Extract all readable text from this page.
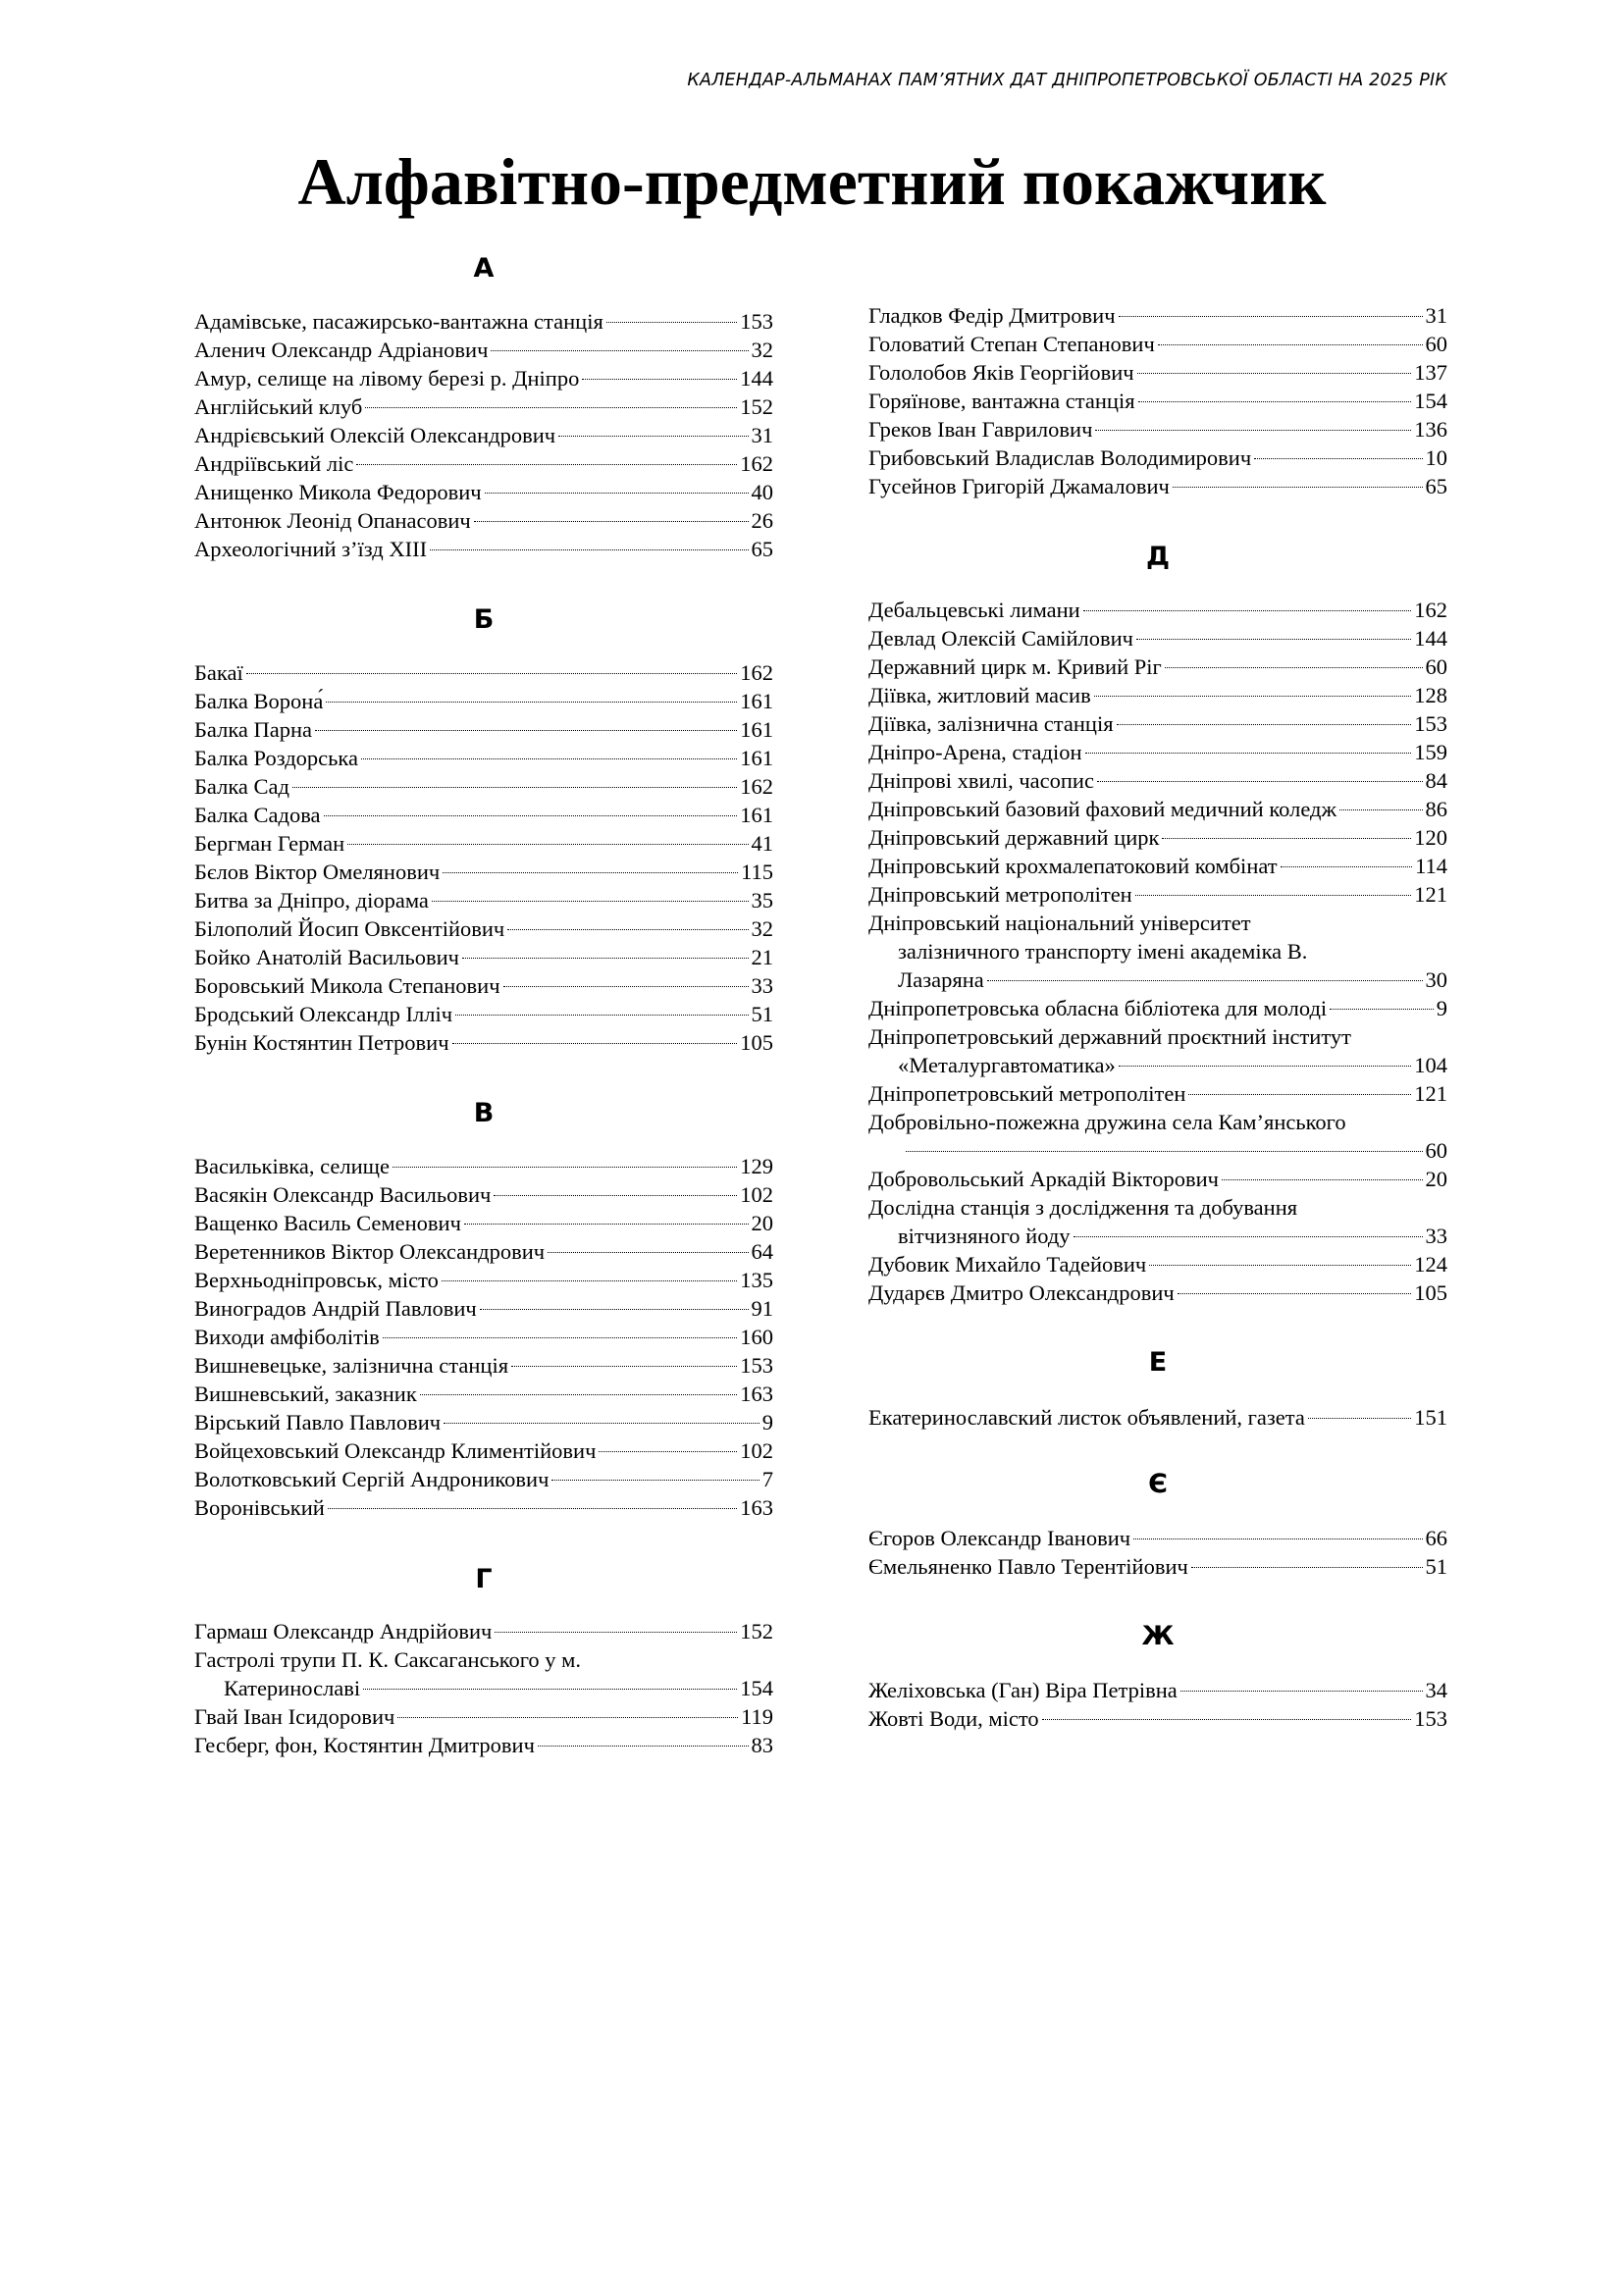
КАЛЕНДАР-АЛЬМАНАХ ПАМ’ЯТНИХ ДАТ ДНІПРОПЕТРОВСЬКОЇ ОБЛАСТІ НА 2025 РІК
Алфавітно-предметний покажчик
А
Адамівське, пасажирсько-вантажна станція	153
Аленич Олександр Адріанович	32
Амур, селище на лівому березі р. Дніпро	144
Англійський клуб	152
Андрієвський Олексій Олександрович	31
Андріївський ліс	162
Анищенко Микола Федорович	40
Антонюк Леонід Опанасович	26
Археологічний з’їзд XIII	65
Б
Бакаї	162
Балка Ворона́	161
Балка Парна	161
Балка Роздорська	161
Балка Сад	162
Балка Садова	161
Бергман Герман	41
Бєлов Віктор Омелянович	115
Битва за Дніпро, діорама	35
Білополий Йосип Овксентійович	32
Бойко Анатолій Васильович	21
Боровський Микола Степанович	33
Бродський Олександр Ілліч	51
Бунін Костянтин Петрович	105
В
Васильківка, селище	129
Васякін Олександр Васильович	102
Ващенко Василь Семенович	20
Веретенников Віктор Олександрович	64
Верхньодніпровськ, місто	135
Виноградов Андрій Павлович	91
Виходи амфіболітів	160
Вишневецьке, залізнична станція	153
Вишневський, заказник	163
Вірський Павло Павлович	9
Войцеховський Олександр Климентійович	102
Волотковський Сергій Андроникович	7
Воронівський	163
Г
Гармаш Олександр Андрійович	152
Гастролі трупи П. К. Саксаганського у м.
Катеринославі	154
Гвай Іван Ісидорович	119
Гесберг, фон, Костянтин Дмитрович	83
Гладков Федір Дмитрович	31
Головатий Степан Степанович	60
Гололобов Яків Георгійович	137
Горяїнове, вантажна станція	154
Греков Іван Гаврилович	136
Грибовський Владислав Володимирович	10
Гусейнов Григорій Джамалович	65
Д
Дебальцевські лимани	162
Девлад Олексій Самійлович	144
Державний цирк м. Кривий Ріг	60
Діївка, житловий масив	128
Діївка, залізнична станція	153
Дніпро-Арена, стадіон	159
Дніпрові хвилі, часопис	84
Дніпровський базовий фаховий медичний коледж	86
Дніпровський державний цирк	120
Дніпровський крохмалепатоковий комбінат	114
Дніпровський метрополітен	121
Дніпровський національний університет
залізничного транспорту імені академіка В.
Лазаряна	30
Дніпропетровська обласна бібліотека для молоді	9
Дніпропетровський державний проєктний інститут
«Металургавтоматика»	104
Дніпропетровський метрополітен	121
Добровільно-пожежна дружина села Кам’янського
60
Добровольський Аркадій Вікторович	20
Дослідна станція з дослідження та добування
вітчизняного йоду	33
Дубовик Михайло Тадейович	124
Дударєв Дмитро Олександрович	105
Е
Екатеринославский листок объявлений, газета	151
Є
Єгоров Олександр Іванович	66
Ємельяненко Павло Терентійович	51
Ж
Желіховська (Ган) Віра Петрівна	34
Жовті Води, місто	153
